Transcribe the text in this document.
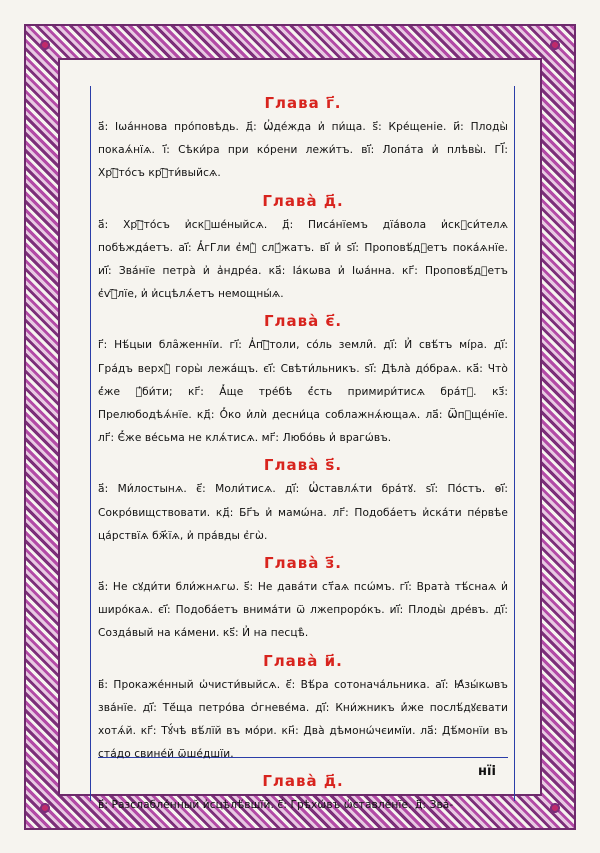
Глава г҃.

а҃: Іѡа́ннова про́повѣдь. д҃: Ѡ҆де́жда и҆ пи́ща. ѕ҃: Кре́щеніе. и҃: Плоды̀ покаѧ́нїѧ. і҃: Сѣки́ра при ко́рени лежи́тъ. ві҃: Лопа́та и҆ плѣвы̀. ГІ҃: Хрⷭ҇то́съ крⷭ҇ти́выйсѧ.

Глава̀ д҃.

а҃: Хрⷭ҇то́съ и҆скꙋше́ныйсѧ. д҃: Писа́нїемъ дїа́вола и҆скꙋси́телѧ побѣжда́етъ. аі҃: А҆́гГли є҆мꙋ̀ слꙋ́жатъ. ві҃ и҆ ѕі҃: Проповѣ́дꙋетъ пока́ѧнїе. иі҃: Зва́нїе петра̀ и҆ а҆ндре́а. ка҃: Іа́кѡва и҆ Іѡа́нна. кг҃: Проповѣ́дꙋетъ є҆ѵⷢ҇лїе, и҆ и҆сцѣлѧ́етъ немощны́ѧ.

Глава̀ є҃.

г҃: Нѣ́цыи бла̑женнїи. гі҃: А҆пⷭ҇толи, со́ль земли̑. ді҃: И҆ свѣ́тъ мі́ра. ді҃: Гра́дъ верхꙋ̀ горы̀ лежа́щъ. єі҃: Свѣти́льникъ. ѕі҃: Дѣла̀ до́браѧ. ка҃: Что̀ є҆́же ꙋ҆би́ти; кг҃: А҆́ще тре́бѣ є҆́сть примири́тисѧ бра́тꙋ. кз҃: Прелюбодѣѧ́нїе. кд҃: О҆́ко и҆лѝ десни́ца соблажнѧ́ющаѧ. ла҃: Ѿпꙋще́нїе. лг҃: Є҆́же ве́сьма не клѧ́тисѧ. мг҃: Любо́вь и҆ врагѡ́въ.

Глава̀ ѕ҃.

а҃: Ми́лостынѧ. є҃: Моли́тисѧ. ді҃: Ѡ҆ставлѧ́ти бра́тꙋ. ѕі҃: По́стъ. ѳі҃: Сокро́вищствовати. кд҃: Бг҃ъ и҆ мамѡ́на. лг҃: Подоба́етъ и҆ска́ти пе́рвѣе ца́рствїѧ бж҃їѧ, и҆ пра́вды є҆гѡ̀.

Глава̀ з҃.

а҃: Не сꙋди́ти бли́жнѧгѡ. ѕ҃: Не дава́ти ст҃аѧ псѡ́мъ. гі҃: Врата̀ тѣ́снаѧ и҆ широ́каѧ. єі҃: Подоба́етъ внима́ти ѿ лжепроро́къ. иі҃: Плоды̀ дре́въ. ді҃: Созда́вый на ка́мени. кѕ҃: И҆ на песцѣ̀.

Глава̀ и҃.

в҃: Прокаже́нный ѡ҆чисти́выйсѧ. є҃: Вѣ́ра сотонача́льника. аі҃: Ꙗ҆зы́кѡвъ зва́нїе. ді҃: Тё́ща петро́ва ѻ҆гневе́ма. ді҃: Кни́жникъ и҆́же послѣ́дꙋєвати хотѧ́й. кг҃: Тꙋ́чѣ вѣ́лїй въ мо́ри. кн҃: Два̀ дѣмонѡ́чєимїи. ла҃: Дѣ́монїи въ ста́до свине́й ѿше́дшїи.

Глава̀ д҃.

в҃: Разслабле́нный и҆сцѣлѣ́вшїй. є҃: Грѣхѡ́въ ѡ҆ставле́нїе. д҃: Зва́-

нїі
